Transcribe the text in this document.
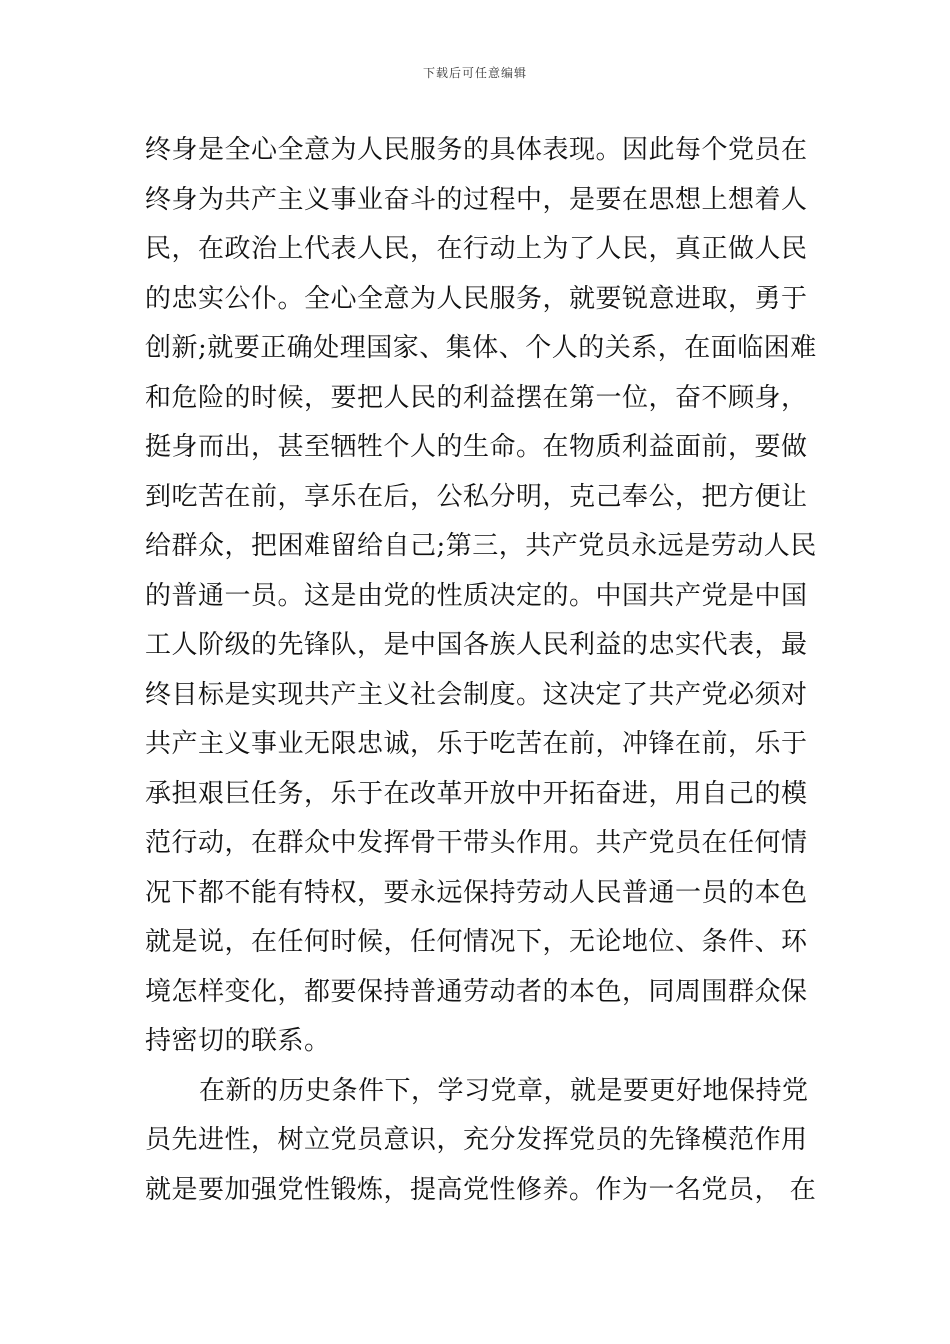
下载后可任意编辑
终身是全心全意为人民服务的具体表现。因此每个党员在
终身为共产主义事业奋斗的过程中，是要在思想上想着人
民，在政治上代表人民，在行动上为了人民，真正做人民
的忠实公仆。全心全意为人民服务，就要锐意进取，勇于
创新;就要正确处理国家、集体、个人的关系，在面临困难
和危险的时候，要把人民的利益摆在第一位，奋不顾身，
挺身而出，甚至牺牲个人的生命。在物质利益面前，要做
到吃苦在前，享乐在后，公私分明，克己奉公，把方便让
给群众，把困难留给自己;第三，共产党员永远是劳动人民
的普通一员。这是由党的性质决定的。中国共产党是中国
工人阶级的先锋队，是中国各族人民利益的忠实代表，最
终目标是实现共产主义社会制度。这决定了共产党必须对
共产主义事业无限忠诚，乐于吃苦在前，冲锋在前，乐于
承担艰巨任务，乐于在改革开放中开拓奋进，用自己的模
范行动，在群众中发挥骨干带头作用。共产党员在任何情
况下都不能有特权，要永远保持劳动人民普通一员的本色
就是说，在任何时候，任何情况下，无论地位、条件、环
境怎样变化，都要保持普通劳动者的本色，同周围群众保
持密切的联系。
在新的历史条件下，学习党章，就是要更好地保持党
员先进性，树立党员意识，充分发挥党员的先锋模范作用
就是要加强党性锻炼，提高党性修养。作为一名党员， 在
